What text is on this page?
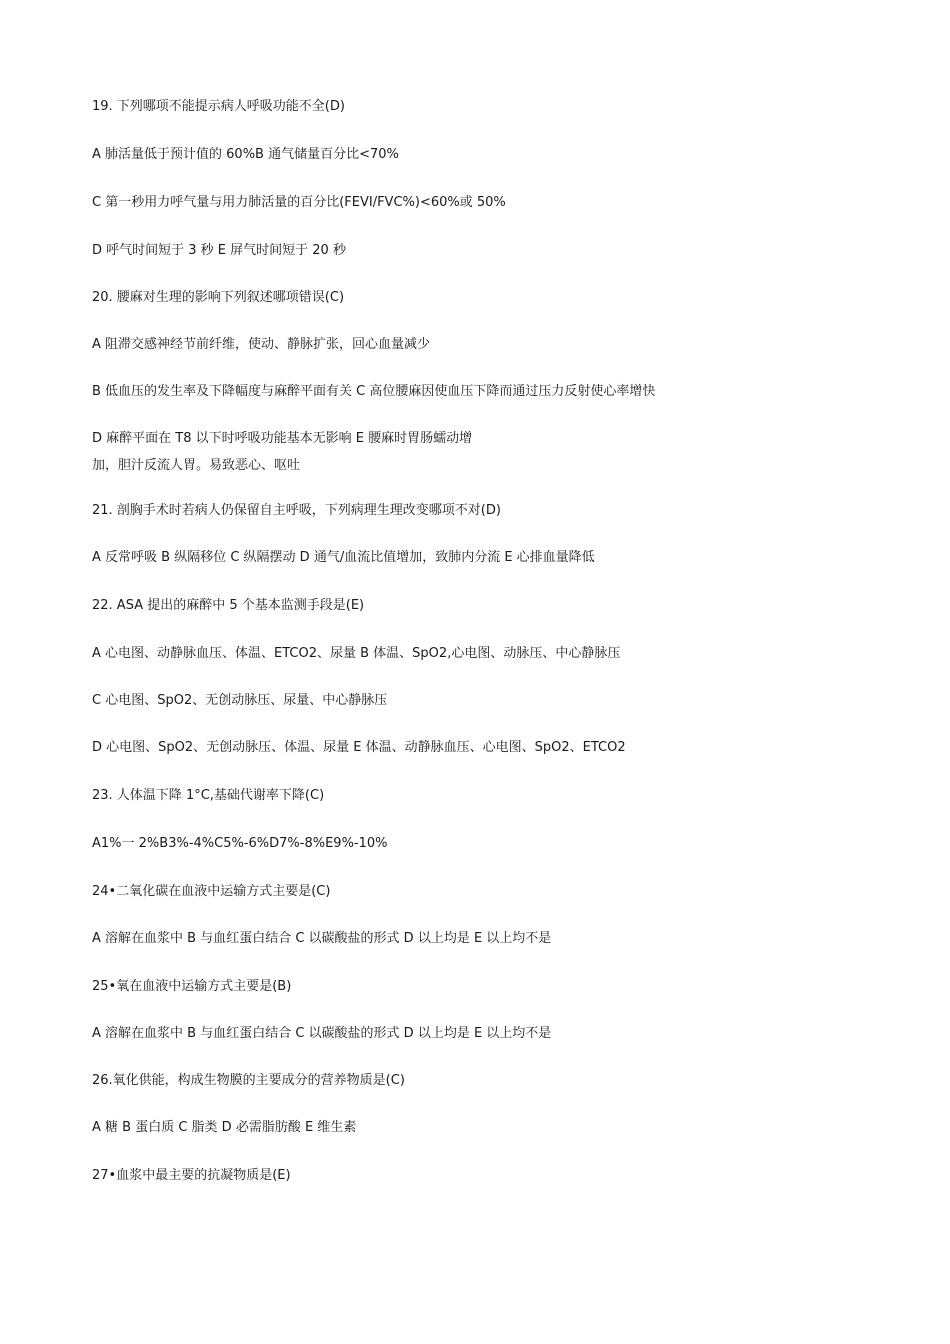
19. 下列哪项不能提示病人呼吸功能不全(D)
A 肺活量低于预计值的 60%B 通气储量百分比<70%
C 第一秒用力呼气量与用力肺活量的百分比(FEVI/FVC%)<60%或 50%
D 呼气时间短于 3 秒 E 屏气时间短于 20 秒
20. 腰麻对生理的影响下列叙述哪项错误(C)
A 阻滞交感神经节前纤维，使动、静脉扩张，回心血量减少
B 低血压的发生率及下降幅度与麻醉平面有关 C 高位腰麻因使血压下降而通过压力反射使心率增快
D 麻醉平面在 T8 以下时呼吸功能基本无影响 E 腰麻时胃肠蠕动增
加，胆汁反流人胃。易致恶心、呕吐
21. 剖胸手术时若病人仍保留自主呼吸，下列病理生理改变哪项不对(D)
A 反常呼吸 B 纵隔移位 C 纵隔摆动 D 通气/血流比值增加，致肺内分流 E 心排血量降低
22. ASA 提出的麻醉中 5 个基本监测手段是(E)
A 心电图、动静脉血压、体温、ETCO2、尿量 B 体温、SpO2,心电图、动脉压、中心静脉压
C 心电图、SpO2、无创动脉压、尿量、中心静脉压
D 心电图、SpO2、无创动脉压、体温、尿量 E 体温、动静脉血压、心电图、SpO2、ETCO2
23. 人体温下降 1°C,基础代谢率下降(C)
A1%一 2%B3%-4%C5%-6%D7%-8%E9%-10%
24•二氧化碳在血液中运输方式主要是(C)
A 溶解在血浆中 B 与血红蛋白结合 C 以碳酸盐的形式 D 以上均是 E 以上均不是
25•氧在血液中运输方式主要是(B)
A 溶解在血浆中 B 与血红蛋白结合 C 以碳酸盐的形式 D 以上均是 E 以上均不是
26.氧化供能，构成生物膜的主要成分的营养物质是(C)
A 糖 B 蛋白质 C 脂类 D 必需脂肪酸 E 维生素
27•血浆中最主要的抗凝物质是(E)
